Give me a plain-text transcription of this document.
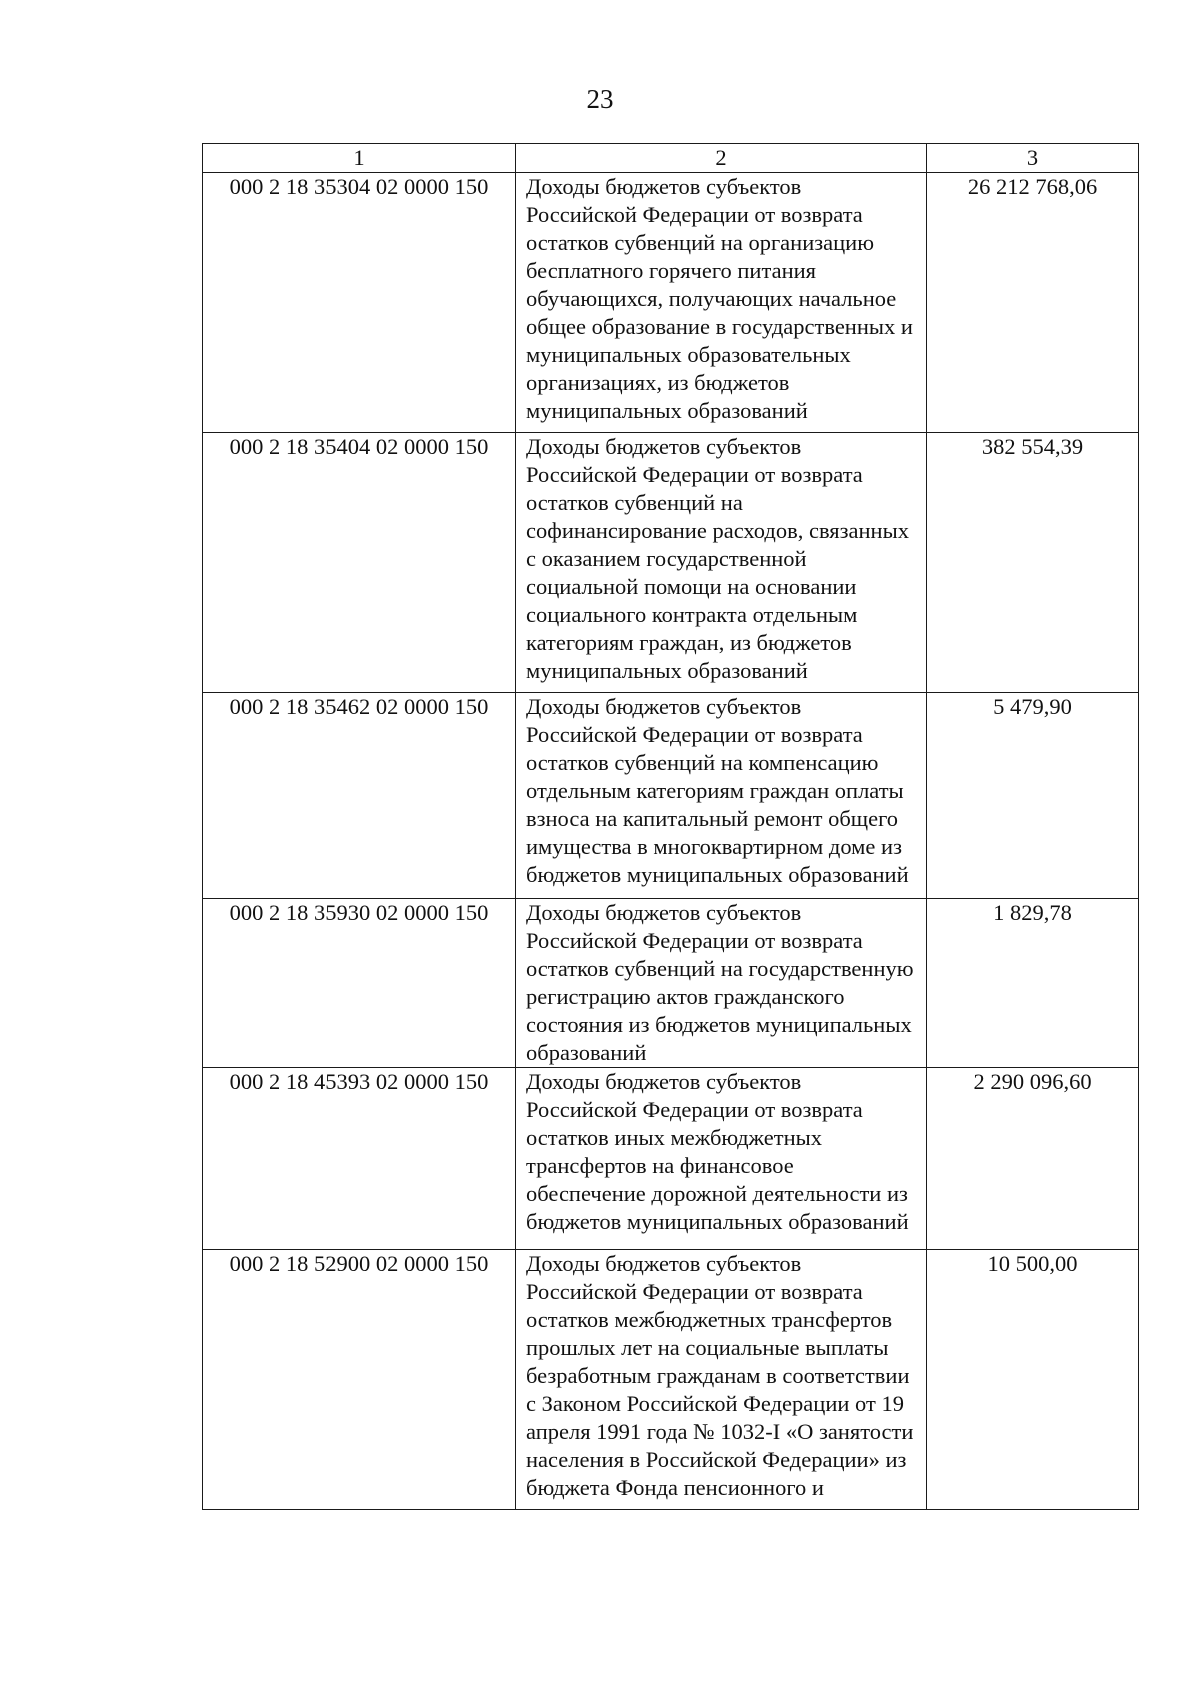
23
1	2	3
000 2 18 35304 02 0000 150	Доходы бюджетов субъектов Российской Федерации от возврата остатков субвенций на организацию бесплатного горячего питания обучающихся, получающих начальное общее образование в государственных и муниципальных образовательных организациях, из бюджетов муниципальных образований	26 212 768,06
000 2 18 35404 02 0000 150	Доходы бюджетов субъектов Российской Федерации от возврата остатков субвенций на софинансирование расходов, связанных с оказанием государственной социальной помощи на основании социального контракта отдельным категориям граждан, из бюджетов муниципальных образований	382 554,39
000 2 18 35462 02 0000 150	Доходы бюджетов субъектов Российской Федерации от возврата остатков субвенций на компенсацию отдельным категориям граждан оплаты взноса на капитальный ремонт общего имущества в многоквартирном доме из бюджетов муниципальных образований	5 479,90
000 2 18 35930 02 0000 150	Доходы бюджетов субъектов Российской Федерации от возврата остатков субвенций на государственную регистрацию актов гражданского состояния из бюджетов муниципальных образований	1 829,78
000 2 18 45393 02 0000 150	Доходы бюджетов субъектов Российской Федерации от возврата остатков иных межбюджетных трансфертов на финансовое обеспечение дорожной деятельности из бюджетов муниципальных образований	2 290 096,60
000 2 18 52900 02 0000 150	Доходы бюджетов субъектов Российской Федерации от возврата остатков межбюджетных трансфертов прошлых лет на социальные выплаты безработным гражданам в соответствии с Законом Российской Федерации от 19 апреля 1991 года № 1032-I «О занятости населения в Российской Федерации» из бюджета Фонда пенсионного и	10 500,00
